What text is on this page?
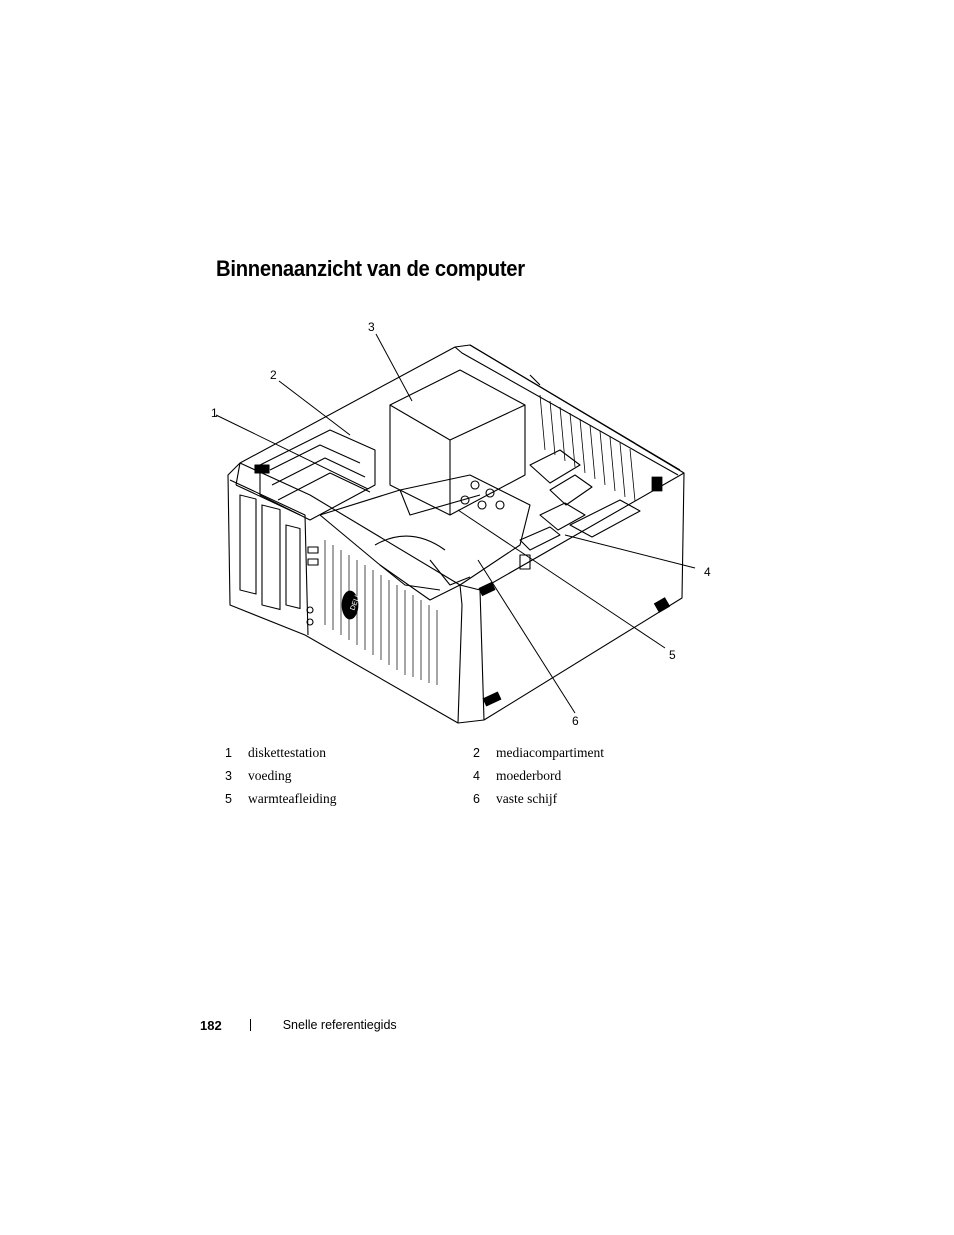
Binnenaanzicht van de computer
DELL
1
2
3
4
5
6
1	diskettestation	2	mediacompartiment
3	voeding	4	moederbord
5	warmteafleiding	6	vaste schijf
182	Snelle referentiegids
